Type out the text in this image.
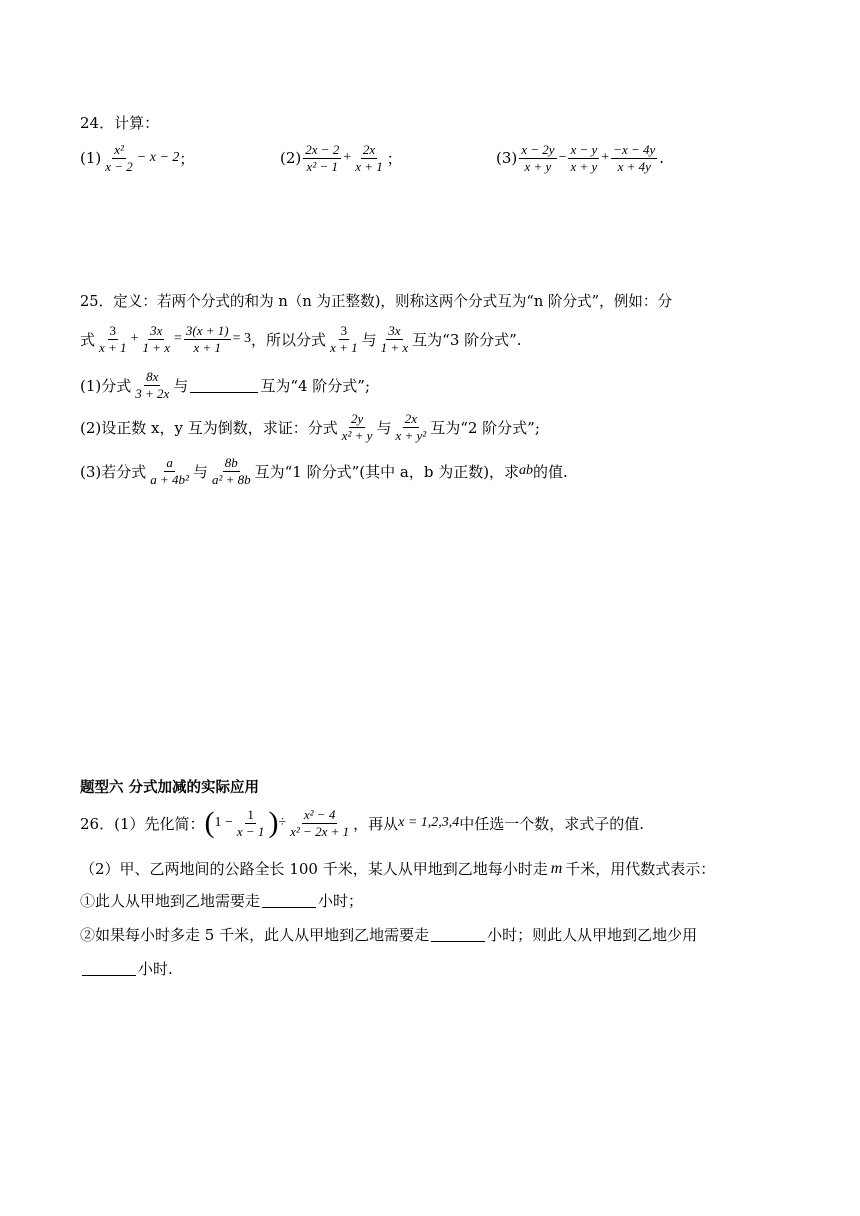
24．计算：
$(1) \frac{\text{x²}}{x - 2} - x - 2$ ；	$(2) \frac{2x - 2}{\text{x² − 1}} + \frac{2x}{x + 1}$ ；	$(3) \frac{x - 2y}{x + y} - \frac{x - y}{x + y} + \frac{-x - 4y}{x + 4y}$ .
25．定义：若两个分式的和为 n（n 为正整数)，则称这两个分式互为“n 阶分式”，例如：分
式 $\frac{3}{x + 1} + \frac{3x}{1 + x} = \frac{3(x + 1)}{x + 1} = 3$ ，所以分式 $\frac{3}{x + 1}$ 与 $\frac{3x}{1 + x}$ 互为“3 阶分式”.
(1)分式 $\frac{8x}{3 + 2x}$ 与	互为“4 阶分式”;
(2)设正数 x，y 互为倒数，求证：分式 $\frac{2y}{\text{x² + y}}$ 与 $\frac{2x}{\text{x + y²}}$ 互为“2 阶分式”;
(3)若分式 $\frac{a}{\text{a + 4b²}}$ 与 $\frac{8b}{\text{a² + 8b}}$ 互为“1 阶分式”(其中 a，b 为正数)，求 ab 的值.
题型六 分式加减的实际应用
26．(1）先化简： ( $1 - \frac{1}{x - 1}$ ) ÷ $\frac{\text{x² − 4}}{\text{x² − 2x + 1}}$ ，再从 x = 1,2,3,4 中任选一个数，求式子的值.
（2）甲、乙两地间的公路全长 100 千米，某人从甲地到乙地每小时走 m 千米，用代数式表示：
①此人从甲地到乙地需要走	小时；
②如果每小时多走 5 千米，此人从甲地到乙地需要走	小时；则此人从甲地到乙地少用
小时.
